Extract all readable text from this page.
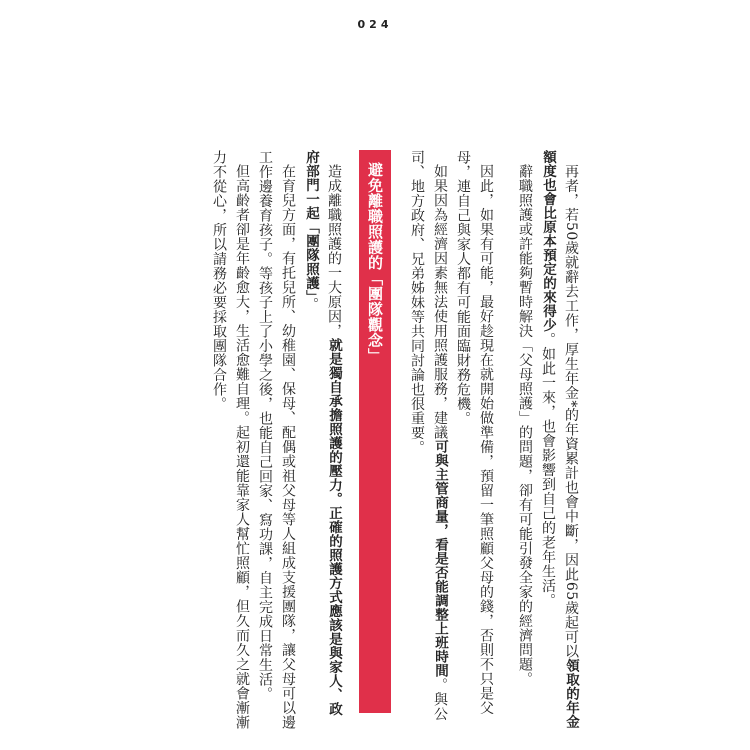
024

再者，若50歲就辭去工作，厚生年金*的年資累計也會中斷，因此65歲起可以領取的年金

額度也會比原本預定的來得少。如此一來，也會影響到自己的老年生活。

辭職照護或許能夠暫時解決「父母照護」的問題，卻有可能引發全家的經濟問題。

因此，如果有可能，最好趁現在就開始做準備，預留一筆照顧父母的錢，否則不只是父

母，連自己與家人都有可能面臨財務危機。

如果因為經濟因素無法使用照護服務，建議可與主管商量，看是否能調整上班時間。與公

司、地方政府、兄弟姊妹等共同討論也很重要。

避免離職照護的「團隊觀念」

造成離職照護的一大原因，就是獨自承擔照護的壓力。正確的照護方式應該是與家人、政

府部門一起「團隊照護」。

在育兒方面，有托兒所、幼稚園、保母、配偶或祖父母等人組成支援團隊，讓父母可以邊

工作邊養育孩子。等孩子上了小學之後，也能自己回家、寫功課，自主完成日常生活。

但高齡者卻是年齡愈大，生活愈難自理。起初還能靠家人幫忙照顧，但久而久之就會漸漸

力不從心，所以請務必要採取團隊合作。
